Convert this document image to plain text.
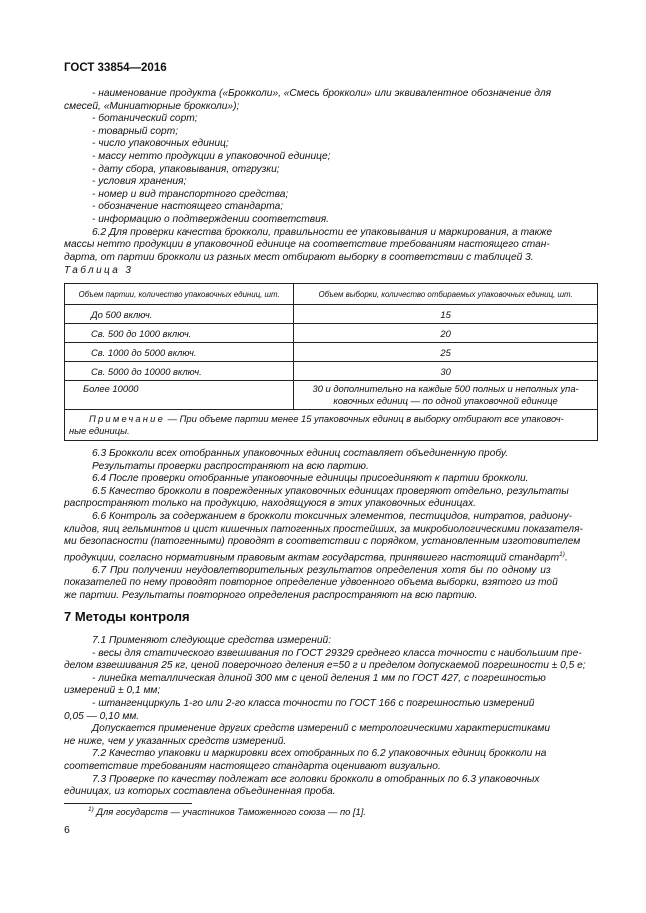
ГОСТ 33854—2016

- наименование продукта («Брокколи», «Смесь брокколи» или эквивалентное обозначение для

смесей, «Миниатюрные брокколи»);

- ботанический сорт;

- товарный сорт;

- число упаковочных единиц;

- массу нетто продукции в упаковочной единице;

- дату сбора, упаковывания, отгрузки;

- условия хранения;

- номер и вид транспортного средства;

- обозначение настоящего стандарта;

- информацию о подтверждении соответствия.

6.2 Для проверки качества брокколи, правильности ее упаковывания и маркирования, а также

массы нетто продукции в упаковочной единице на соответствие требованиям настоящего стан-

дарта, от партии брокколи из разных мест отбирают выборку в соответствии с таблицей 3.

Таблица 3
Объем партии, количество упаковочных единиц, шт.	Объем выборки, количество отбираемых упаковочных единиц, шт.
До 500 включ.	15
Св. 500 до 1000 включ.	20
Св. 1000 до 5000 включ.	25
Св. 5000 до 10000 включ.	30
Более 10000	30 и дополнительно на каждые 500 полных и неполных упа-
ковочных единиц — по одной упаковочной единице

Примечание — При объеме партии менее 15 упаковочных единиц в выборку отбирают все упаковоч-
ные единицы.	

6.3 Брокколи всех отобранных упаковочных единиц составляет объединенную пробу.

Результаты проверки распространяют на всю партию.

6.4 После проверки отобранные упаковочные единицы присоединяют к партии брокколи.

6.5 Качество брокколи в поврежденных упаковочных единицах проверяют отдельно, результаты

распространяют только на продукцию, находящуюся в этих упаковочных единицах.

6.6 Контроль за содержанием в брокколи токсичных элементов, пестицидов, нитратов, радиону-

клидов, яиц гельминтов и цист кишечных патогенных простейших, за микробиологическими показателя-

ми безопасности (патогенными) проводят в соответствии с порядком, установленным изготовителем

продукции, согласно нормативным правовым актам государства, принявшего настоящий стандарт$^{1)}$.

6.7 При получении неудовлетворительных результатов определения хотя бы по одному из

показателей по нему проводят повторное определение удвоенного объема выборки, взятого из той

же партии. Результаты повторного определения распространяют на всю партию.

7 Методы контроля

7.1 Применяют следующие средства измерений:

- весы для статического взвешивания по ГОСТ 29329 среднего класса точности с наибольшим пре-

делом взвешивания 25 кг, ценой поверочного деления е=50 г и пределом допускаемой погрешности ± 0,5 е;

- линейка металлическая длиной 300 мм с ценой деления 1 мм по ГОСТ 427, с погрешностью

измерений ± 0,1 мм;

- штангенциркуль 1-го или 2-го класса точности по ГОСТ 166 с погрешностью измерений

0,05 — 0,10 мм.

Допускается применение других средств измерений с метрологическими характеристиками

не ниже, чем у указанных средств измерений.

7.2 Качество упаковки и маркировки всех отобранных по 6.2 упаковочных единиц брокколи на

соответствие требованиям настоящего стандарта оценивают визуально.

7.3 Проверке по качеству подлежат все головки брокколи в отобранных по 6.3 упаковочных

единицах, из которых составлена объединенная проба.

$^{1)}$ Для государств — участников Таможенного союза — по [1].
6
